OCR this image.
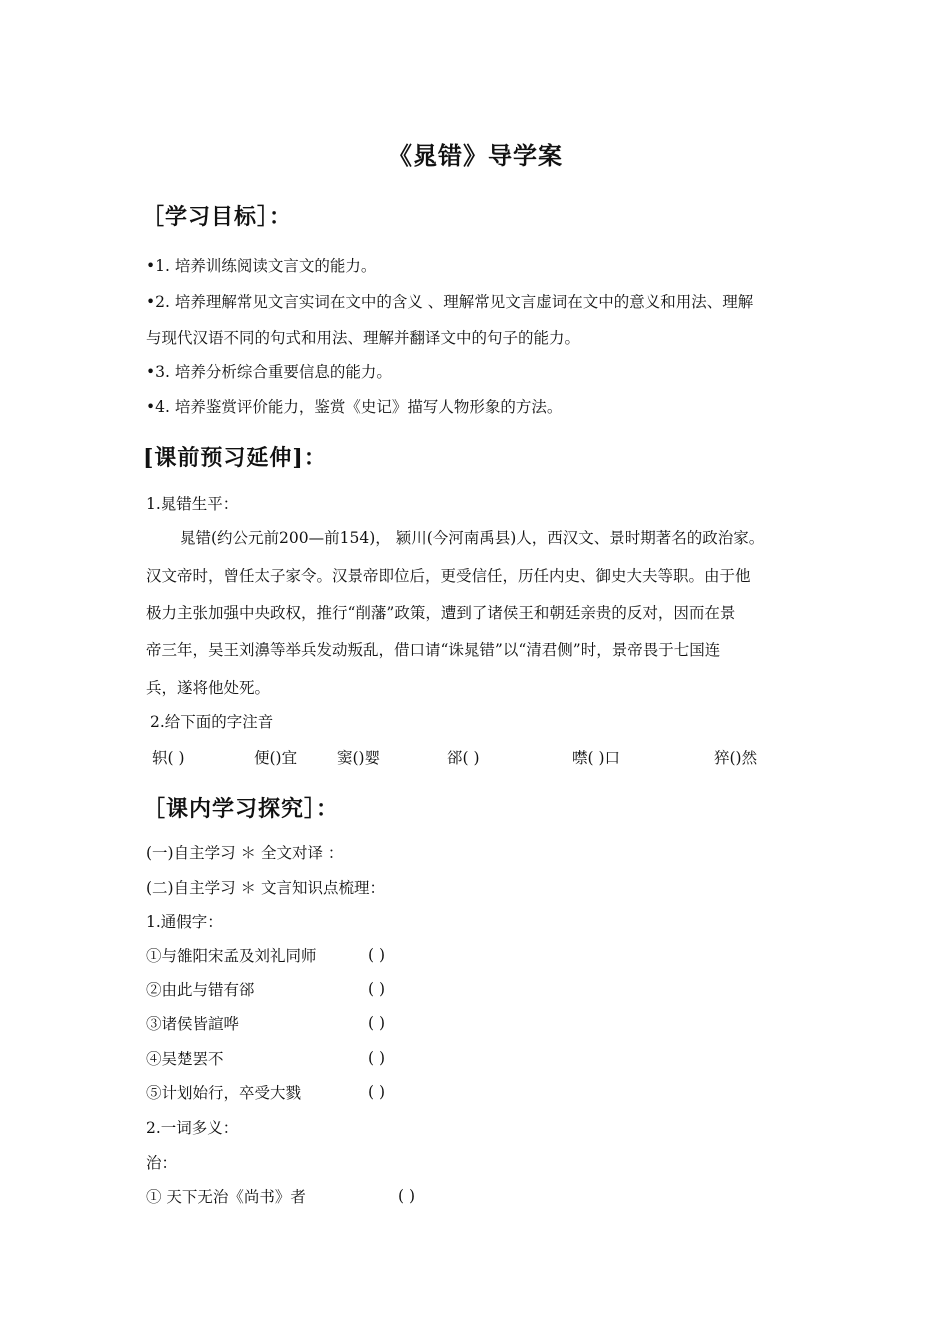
《晁错》导学案
［学习目标］：
•1. 培养训练阅读文言文的能力。
•2. 培养理解常见文言实词在文中的含义 、理解常见文言虚词在文中的意义和用法、理解
与现代汉语不同的句式和用法、理解并翻译文中的句子的能力。
•3. 培养分析综合重要信息的能力。
•4. 培养鉴赏评价能力，鉴赏《史记》描写人物形象的方法。
[课前预习延伸]：
1.晁错生平：
晁错(约公元前200—前154)， 颍川(今河南禹县)人，西汉文、景时期著名的政治家。
汉文帝时，曾任太子家令。汉景帝即位后，更受信任，历任内史、御史大夫等职。由于他
极力主张加强中央政权，推行“削藩”政策，遭到了诸侯王和朝廷亲贵的反对，因而在景
帝三年，吴王刘濞等举兵发动叛乱，借口请“诛晁错”以“清君侧”时，景帝畏于七国连
兵，遂将他处死。
2.给下面的字注音
轵( )	便()宜	窦()婴	郤( )	噤( )口	猝()然
［课内学习探究］：
(一)自主学习 ＊ 全文对译 ：
(二)自主学习 ＊ 文言知识点梳理：
1.通假字：
①与雒阳宋孟及刘礼同师	( )
②由此与错有郤	( )
③诸侯皆諠哗	( )
④吴楚罢不	( )
⑤计划始行，卒受大戮	( )
2.一词多义：
治：
① 天下无治《尚书》者	( )
